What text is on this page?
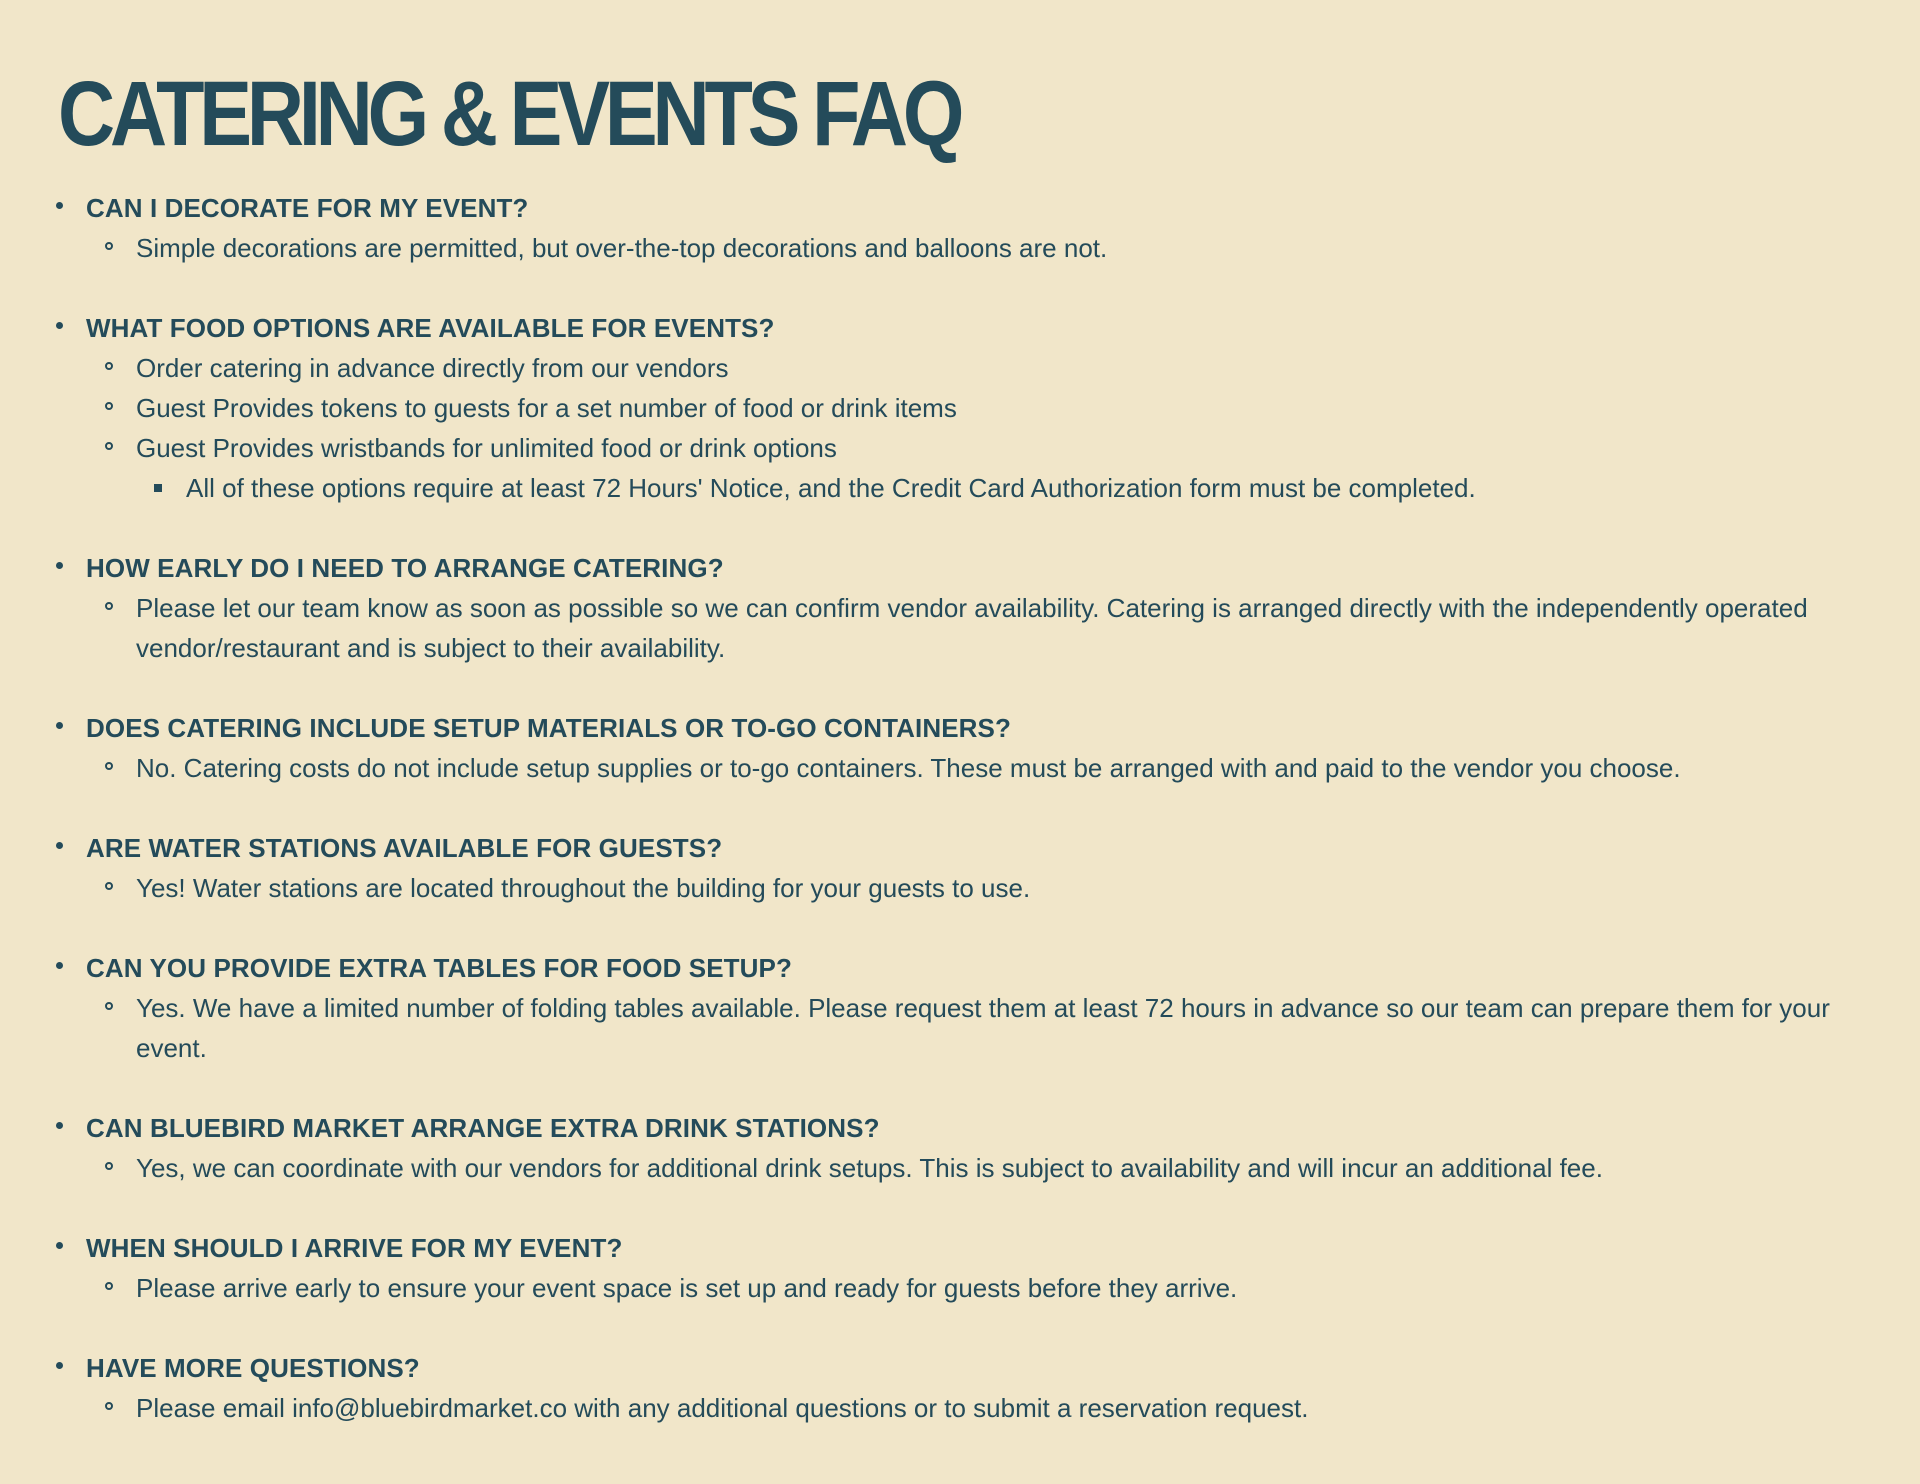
CATERING & EVENTS FAQ
CAN I DECORATE FOR MY EVENT?
Simple decorations are permitted, but over-the-top decorations and balloons are not.
WHAT FOOD OPTIONS ARE AVAILABLE FOR EVENTS?
Order catering in advance directly from our vendors
Guest Provides tokens to guests for a set number of food or drink items
Guest Provides wristbands for unlimited food or drink options
All of these options require at least 72 Hours' Notice, and the Credit Card Authorization form must be completed.
HOW EARLY DO I NEED TO ARRANGE CATERING?
Please let our team know as soon as possible so we can confirm vendor availability. Catering is arranged directly with the independently operated vendor/restaurant and is subject to their availability.
DOES CATERING INCLUDE SETUP MATERIALS OR TO-GO CONTAINERS?
No. Catering costs do not include setup supplies or to-go containers. These must be arranged with and paid to the vendor you choose.
ARE WATER STATIONS AVAILABLE FOR GUESTS?
Yes! Water stations are located throughout the building for your guests to use.
CAN YOU PROVIDE EXTRA TABLES FOR FOOD SETUP?
Yes. We have a limited number of folding tables available. Please request them at least 72 hours in advance so our team can prepare them for your event.
CAN BLUEBIRD MARKET ARRANGE EXTRA DRINK STATIONS?
Yes, we can coordinate with our vendors for additional drink setups. This is subject to availability and will incur an additional fee.
WHEN SHOULD I ARRIVE FOR MY EVENT?
Please arrive early to ensure your event space is set up and ready for guests before they arrive.
HAVE MORE QUESTIONS?
Please email info@bluebirdmarket.co with any additional questions or to submit a reservation request.
